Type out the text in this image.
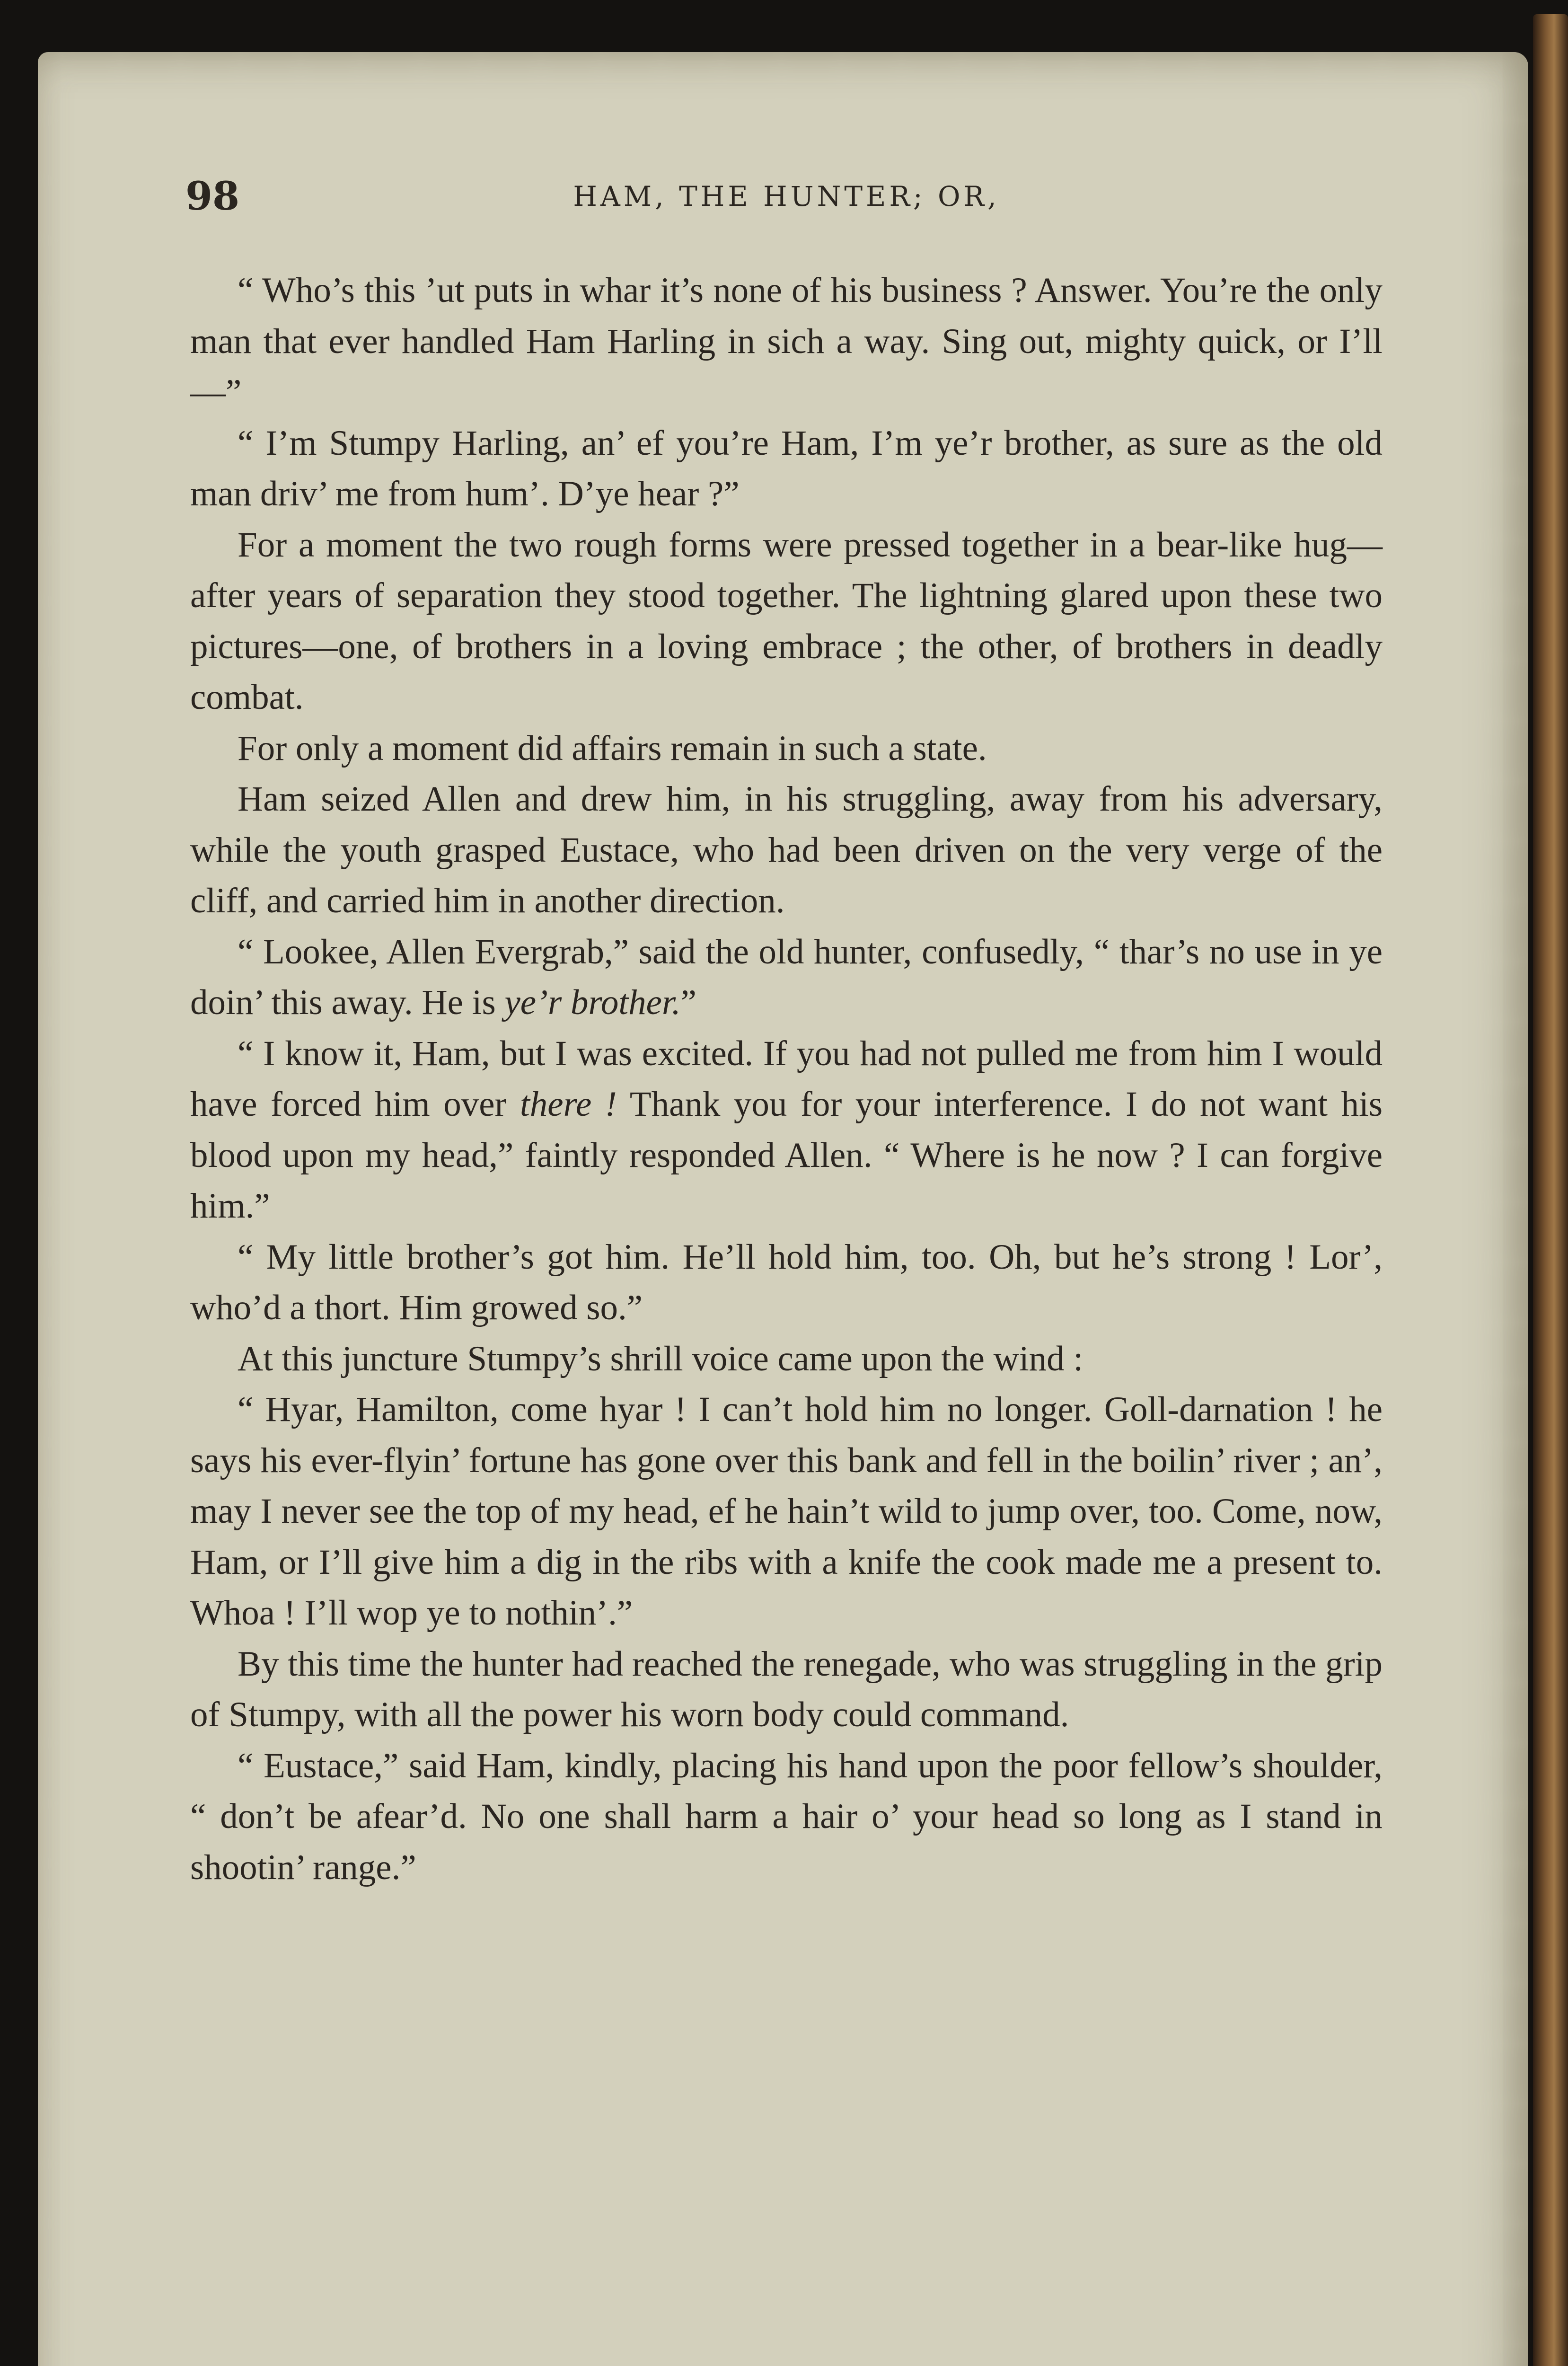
98	HAM, THE HUNTER; OR,

“ Who’s this ’ut puts in whar it’s none of his business ? Answer. You’re the only man that ever handled Ham Harling in sich a way. Sing out, mighty quick, or I’ll—”

“ I’m Stumpy Harling, an’ ef you’re Ham, I’m ye’r brother, as sure as the old man driv’ me from hum’. D’ye hear ?”

For a moment the two rough forms were pressed together in a bear-like hug—after years of separation they stood together. The lightning glared upon these two pictures—one, of brothers in a loving embrace ; the other, of brothers in deadly combat.

For only a moment did affairs remain in such a state.

Ham seized Allen and drew him, in his struggling, away from his adversary, while the youth grasped Eustace, who had been driven on the very verge of the cliff, and carried him in another direction.

“ Lookee, Allen Evergrab,” said the old hunter, confusedly, “ thar’s no use in ye doin’ this away. He is ye’r brother.”

“ I know it, Ham, but I was excited. If you had not pulled me from him I would have forced him over there ! Thank you for your interference. I do not want his blood upon my head,” faintly responded Allen. “ Where is he now ? I can forgive him.”

“ My little brother’s got him. He’ll hold him, too. Oh, but he’s strong ! Lor’, who’d a thort. Him growed so.”

At this juncture Stumpy’s shrill voice came upon the wind :

“ Hyar, Hamilton, come hyar ! I can’t hold him no longer. Goll-darnation ! he says his ever-flyin’ fortune has gone over this bank and fell in the boilin’ river ; an’, may I never see the top of my head, ef he hain’t wild to jump over, too. Come, now, Ham, or I’ll give him a dig in the ribs with a knife the cook made me a present to. Whoa ! I’ll wop ye to nothin’.”

By this time the hunter had reached the renegade, who was struggling in the grip of Stumpy, with all the power his worn body could command.

“ Eustace,” said Ham, kindly, placing his hand upon the poor fellow’s shoulder, “ don’t be afear’d. No one shall harm a hair o’ your head so long as I stand in shootin’ range.”
